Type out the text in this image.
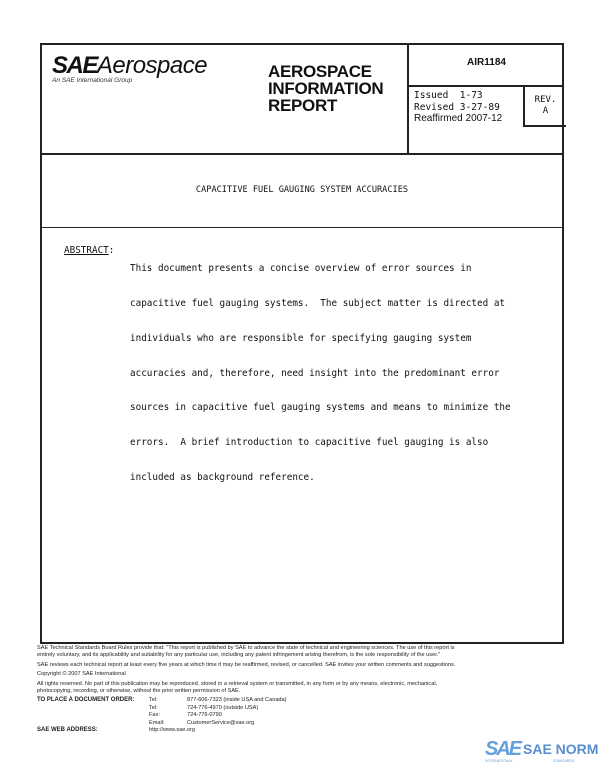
SAEAerospace
An SAE International Group	AEROSPACE
INFORMATION
REPORT
AIR1184
Issued  1-73
Revised 3-27-89
Reaffirmed 2007-12
REV.
A
CAPACITIVE FUEL GAUGING SYSTEM ACCURACIES
ABSTRACT:

This document presents a concise overview of error sources in

capacitive fuel gauging systems.  The subject matter is directed at

individuals who are responsible for specifying gauging system

accuracies and, therefore, need insight into the predominant error

sources in capacitive fuel gauging systems and means to minimize the

errors.  A brief introduction to capacitive fuel gauging is also

included as background reference.

SAE Technical Standards Board Rules provide that: "This report is published by SAE to advance the state of technical and engineering sciences. The use of this report is
entirely voluntary, and its applicability and suitability for any particular use, including any patent infringement arising therefrom, is the sole responsibility of the user."

SAE reviews each technical report at least every five years at which time it may be reaffirmed, revised, or cancelled. SAE invites your written comments and suggestions.

Copyright © 2007 SAE International

All rights reserved. No part of this publication may be reproduced, stored in a retrieval system or transmitted, in any form or by any means, electronic, mechanical,
photocopying, recording, or otherwise, without the prior written permission of SAE.

TO PLACE A DOCUMENT ORDER:	Tel:	877-606-7323 (inside USA and Canada)
Tel:	724-776-4970 (outside USA)
Fax:	724-776-0790
Email:	CustomerService@sae.org
SAE WEB ADDRESS:	http://www.sae.org
SAE SAE NORM
INTERNATIONAL	STANDARDS
